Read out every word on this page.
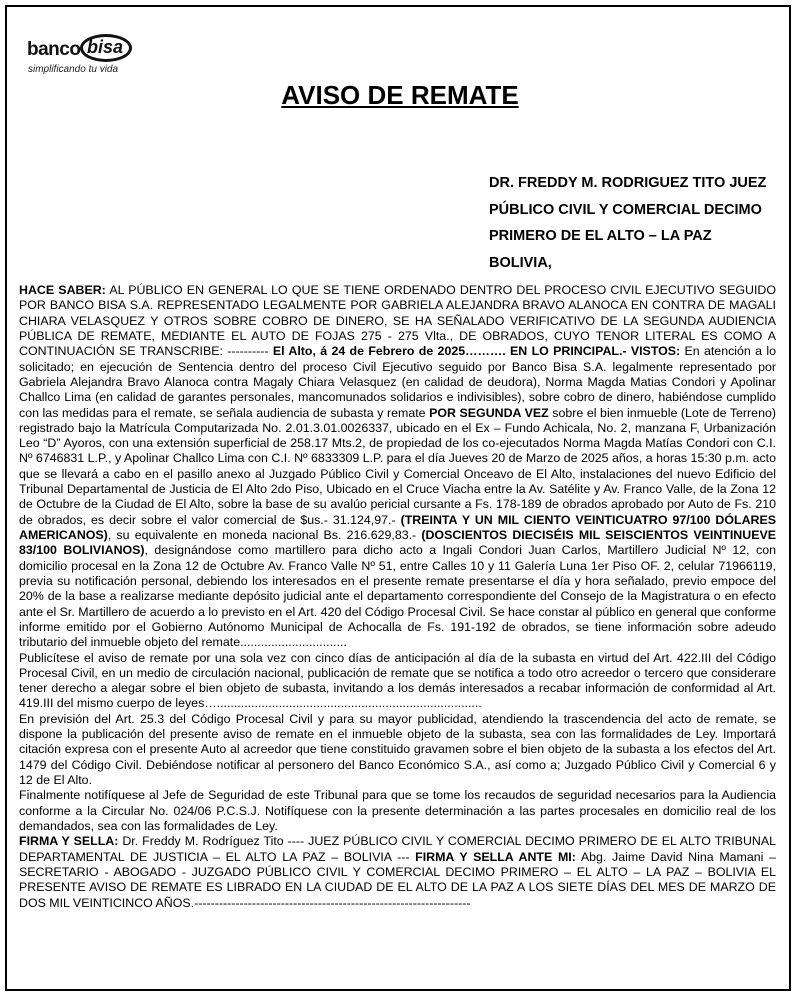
banco bisa
simplificando tu vida
AVISO DE REMATE
DR. FREDDY M. RODRIGUEZ TITO JUEZ
PÚBLICO CIVIL Y COMERCIAL DECIMO
PRIMERO DE EL ALTO – LA PAZ
BOLIVIA,

HACE SABER: AL PÚBLICO EN GENERAL LO QUE SE TIENE ORDENADO DENTRO DEL PROCESO CIVIL EJECUTIVO SEGUIDO POR BANCO BISA S.A. REPRESENTADO LEGALMENTE POR GABRIELA ALEJANDRA BRAVO ALANOCA EN CONTRA DE MAGALI CHIARA VELASQUEZ Y OTROS SOBRE COBRO DE DINERO, SE HA SEÑALADO VERIFICATIVO DE LA SEGUNDA AUDIENCIA PÚBLICA DE REMATE, MEDIANTE EL AUTO DE FOJAS 275 - 275 Vlta., DE OBRADOS, CUYO TENOR LITERAL ES COMO A CONTINUACIÓN SE TRANSCRIBE: ---------- El Alto, á 24 de Febrero de 2025………. EN LO PRINCIPAL.- VISTOS: En atención a lo solicitado; en ejecución de Sentencia dentro del proceso Civil Ejecutivo seguido por Banco Bisa S.A. legalmente representado por Gabriela Alejandra Bravo Alanoca contra Magaly Chiara Velasquez (en calidad de deudora), Norma Magda Matias Condori y Apolinar Challco Lima (en calidad de garantes personales, mancomunados solidarios e indivisibles), sobre cobro de dinero, habiéndose cumplido con las medidas para el remate, se señala audiencia de subasta y remate POR SEGUNDA VEZ sobre el bien inmueble (Lote de Terreno) registrado bajo la Matrícula Computarizada No. 2.01.3.01.0026337, ubicado en el Ex – Fundo Achicala, No. 2, manzana F, Urbanización Leo “D” Ayoros, con una extensión superficial de 258.17 Mts.2, de propiedad de los co-ejecutados Norma Magda Matías Condori con C.I. Nº 6746831 L.P., y Apolinar Challco Lima con C.I. Nº 6833309 L.P. para el día Jueves 20 de Marzo de 2025 años, a horas 15:30 p.m. acto que se llevará a cabo en el pasillo anexo al Juzgado Público Civil y Comercial Onceavo de El Alto, instalaciones del nuevo Edificio del Tribunal Departamental de Justicia de El Alto 2do Piso, Ubicado en el Cruce Viacha entre la Av. Satélite y Av. Franco Valle, de la Zona 12 de Octubre de la Ciudad de El Alto, sobre la base de su avalúo pericial cursante a Fs. 178-189 de obrados aprobado por Auto de Fs. 210 de obrados, es decir sobre el valor comercial de $us.- 31.124,97.- (TREINTA Y UN MIL CIENTO VEINTICUATRO 97/100 DÓLARES AMERICANOS), su equivalente en moneda nacional Bs. 216.629,83.- (DOSCIENTOS DIECISÉIS MIL SEISCIENTOS VEINTINUEVE 83/100 BOLIVIANOS), designándose como martillero para dicho acto a Ingali Condori Juan Carlos, Martillero Judicial Nº 12, con domicilio procesal en la Zona 12 de Octubre Av. Franco Valle Nº 51, entre Calles 10 y 11 Galería Luna 1er Piso OF. 2, celular 71966119, previa su notificación personal, debiendo los interesados en el presente remate presentarse el día y hora señalado, previo empoce del 20% de la base a realizarse mediante depósito judicial ante el departamento correspondiente del Consejo de la Magistratura o en efecto ante el Sr. Martillero de acuerdo a lo previsto en el Art. 420 del Código Procesal Civil. Se hace constar al público en general que conforme informe emitido por el Gobierno Autónomo Municipal de Achocalla de Fs. 191-192 de obrados, se tiene información sobre adeudo tributario del inmueble objeto del remate...............................

Publicítese el aviso de remate por una sola vez con cinco días de anticipación al día de la subasta en virtud del Art. 422.III del Código Procesal Civil, en un medio de circulación nacional, publicación de remate que se notifica a todo otro acreedor o tercero que considerare tener derecho a alegar sobre el bien objeto de subasta, invitando a los demás interesados a recabar información de conformidad al Art. 419.III del mismo cuerpo de leyes….............................................................................

En previsión del Art. 25.3 del Código Procesal Civil y para su mayor publicidad, atendiendo la trascendencia del acto de remate, se dispone la publicación del presente aviso de remate en el inmueble objeto de la subasta, sea con las formalidades de Ley. Importará citación expresa con el presente Auto al acreedor que tiene constituido gravamen sobre el bien objeto de la subasta a los efectos del Art. 1479 del Código Civil. Debiéndose notificar al personero del Banco Económico S.A., así como a; Juzgado Público Civil y Comercial 6 y 12 de El Alto.

Finalmente notifíquese al Jefe de Seguridad de este Tribunal para que se tome los recaudos de seguridad necesarios para la Audiencia conforme a la Circular No. 024/06 P.C.S.J. Notifíquese con la presente determinación a las partes procesales en domicilio real de los demandados, sea con las formalidades de Ley.

FIRMA Y SELLA: Dr. Freddy M. Rodríguez Tito ---- JUEZ PÚBLICO CIVIL Y COMERCIAL DECIMO PRIMERO DE EL ALTO TRIBUNAL DEPARTAMENTAL DE JUSTICIA – EL ALTO LA PAZ – BOLIVIA --- FIRMA Y SELLA ANTE MI: Abg. Jaime David Nina Mamani – SECRETARIO - ABOGADO - JUZGADO PÚBLICO CIVIL Y COMERCIAL DECIMO PRIMERO – EL ALTO – LA PAZ – BOLIVIA EL PRESENTE AVISO DE REMATE ES LIBRADO EN LA CIUDAD DE EL ALTO DE LA PAZ A LOS SIETE DÍAS DEL MES DE MARZO DE DOS MIL VEINTICINCO AÑOS.-------------------------------------------------------------------
